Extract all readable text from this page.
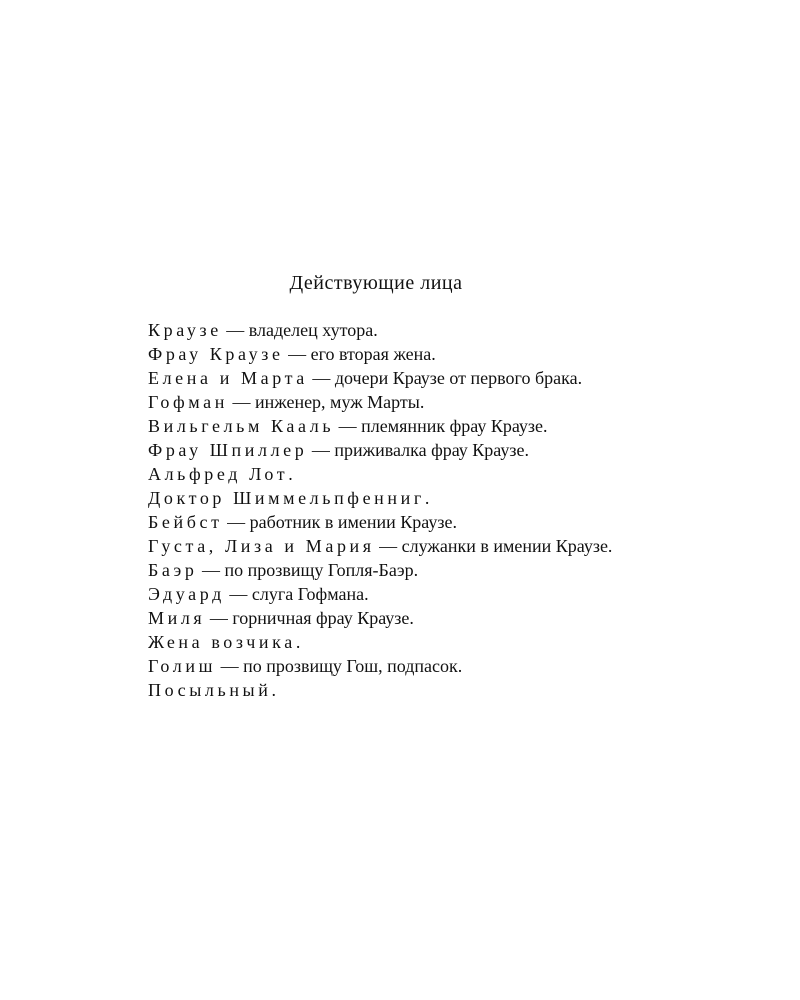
Действующие лица

Краузе — владелец хутора.

Фрау Краузе — его вторая жена.

Елена и Марта — дочери Краузе от первого брака.

Гофман — инженер, муж Марты.

Вильгельм Кааль — племянник фрау Краузе.

Фрау Шпиллер — приживалка фрау Краузе.

Альфред Лот.

Доктор Шиммельпфенниг.

Бейбст — работник в имении Краузе.

Густа, Лиза и Мария — служанки в имении Краузе.

Баэр — по прозвищу Гопля-Баэр.

Эдуард — слуга Гофмана.

Миля — горничная фрау Краузе.

Жена возчика.

Голиш — по прозвищу Гош, подпасок.

Посыльный.
